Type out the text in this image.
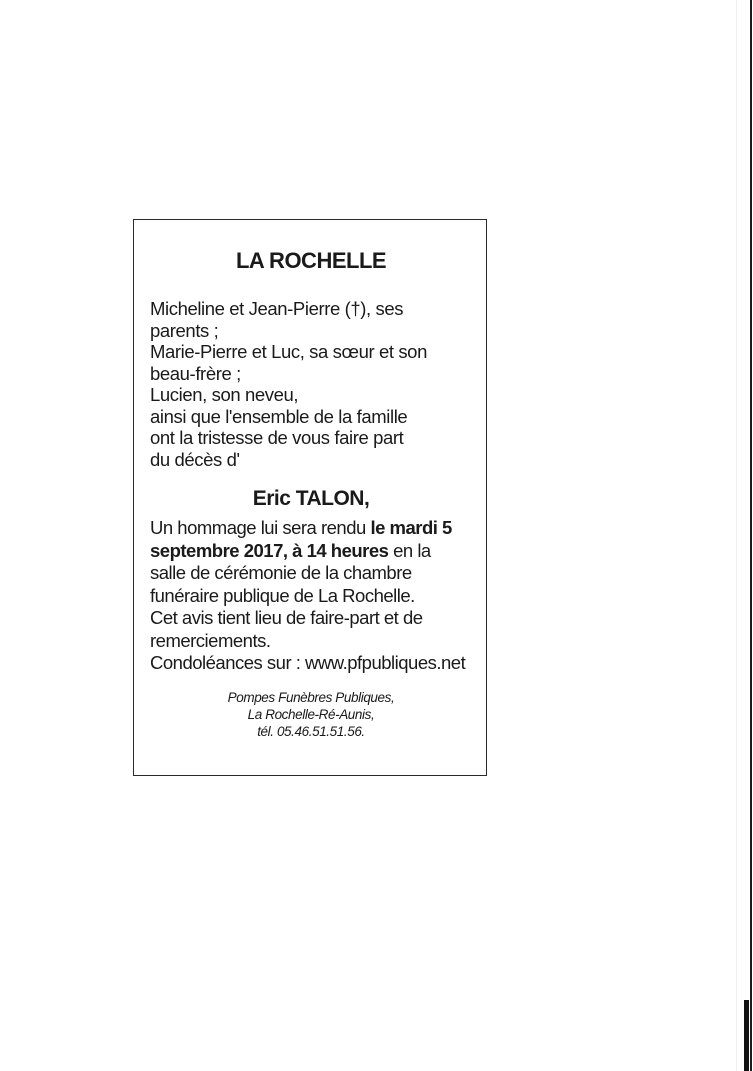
LA ROCHELLE
Micheline et Jean-Pierre (†), ses
parents ;
Marie-Pierre et Luc, sa sœur et son
beau-frère ;
Lucien, son neveu,
ainsi que l'ensemble de la famille
ont la tristesse de vous faire part
du décès d'
Eric TALON,
Un hommage lui sera rendu le mardi 5
septembre 2017, à 14 heures en la
salle de cérémonie de la chambre
funéraire publique de La Rochelle.
Cet avis tient lieu de faire-part et de
remerciements.
Condoléances sur : www.pfpubliques.net
Pompes Funèbres Publiques,
La Rochelle-Ré-Aunis,
tél. 05.46.51.51.56.
